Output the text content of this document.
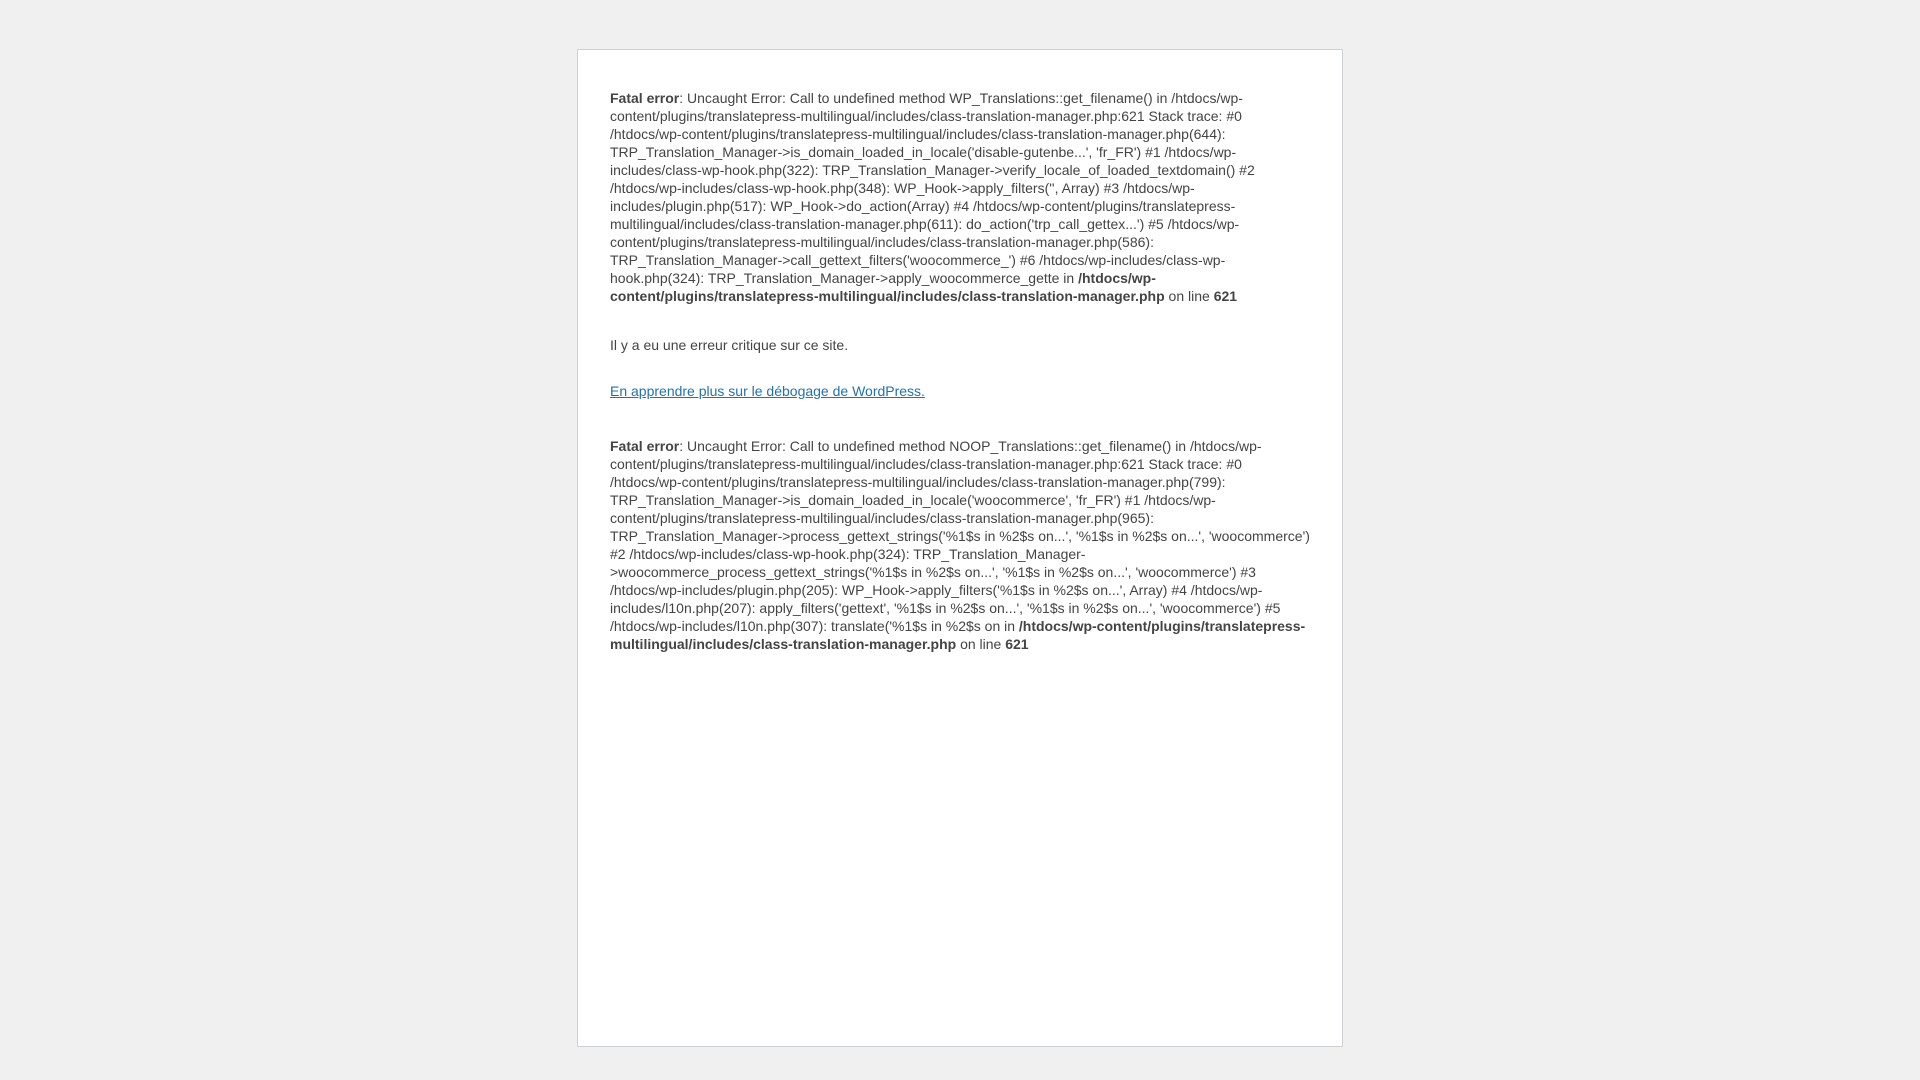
Fatal error: Uncaught Error: Call to undefined method WP_Translations::get_filename() in /htdocs/wp-content/plugins/translatepress-multilingual/includes/class-translation-manager.php:621 Stack trace: #0 /htdocs/wp-content/plugins/translatepress-multilingual/includes/class-translation-manager.php(644): TRP_Translation_Manager->is_domain_loaded_in_locale('disable-gutenbe...', 'fr_FR') #1 /htdocs/wp-includes/class-wp-hook.php(322): TRP_Translation_Manager->verify_locale_of_loaded_textdomain() #2 /htdocs/wp-includes/class-wp-hook.php(348): WP_Hook->apply_filters('', Array) #3 /htdocs/wp-includes/plugin.php(517): WP_Hook->do_action(Array) #4 /htdocs/wp-content/plugins/translatepress-multilingual/includes/class-translation-manager.php(611): do_action('trp_call_gettex...') #5 /htdocs/wp-content/plugins/translatepress-multilingual/includes/class-translation-manager.php(586): TRP_Translation_Manager->call_gettext_filters('woocommerce_') #6 /htdocs/wp-includes/class-wp-hook.php(324): TRP_Translation_Manager->apply_woocommerce_gette in /htdocs/wp-content/plugins/translatepress-multilingual/includes/class-translation-manager.php on line 621

Il y a eu une erreur critique sur ce site.

En apprendre plus sur le débogage de WordPress.

Fatal error: Uncaught Error: Call to undefined method NOOP_Translations::get_filename() in /htdocs/wp-content/plugins/translatepress-multilingual/includes/class-translation-manager.php:621 Stack trace: #0 /htdocs/wp-content/plugins/translatepress-multilingual/includes/class-translation-manager.php(799): TRP_Translation_Manager->is_domain_loaded_in_locale('woocommerce', 'fr_FR') #1 /htdocs/wp-content/plugins/translatepress-multilingual/includes/class-translation-manager.php(965): TRP_Translation_Manager->process_gettext_strings('%1$s in %2$s on...', '%1$s in %2$s on...', 'woocommerce') #2 /htdocs/wp-includes/class-wp-hook.php(324): TRP_Translation_Manager->woocommerce_process_gettext_strings('%1$s in %2$s on...', '%1$s in %2$s on...', 'woocommerce') #3 /htdocs/wp-includes/plugin.php(205): WP_Hook->apply_filters('%1$s in %2$s on...', Array) #4 /htdocs/wp-includes/l10n.php(207): apply_filters('gettext', '%1$s in %2$s on...', '%1$s in %2$s on...', 'woocommerce') #5 /htdocs/wp-includes/l10n.php(307): translate('%1$s in %2$s on in /htdocs/wp-content/plugins/translatepress-multilingual/includes/class-translation-manager.php on line 621
